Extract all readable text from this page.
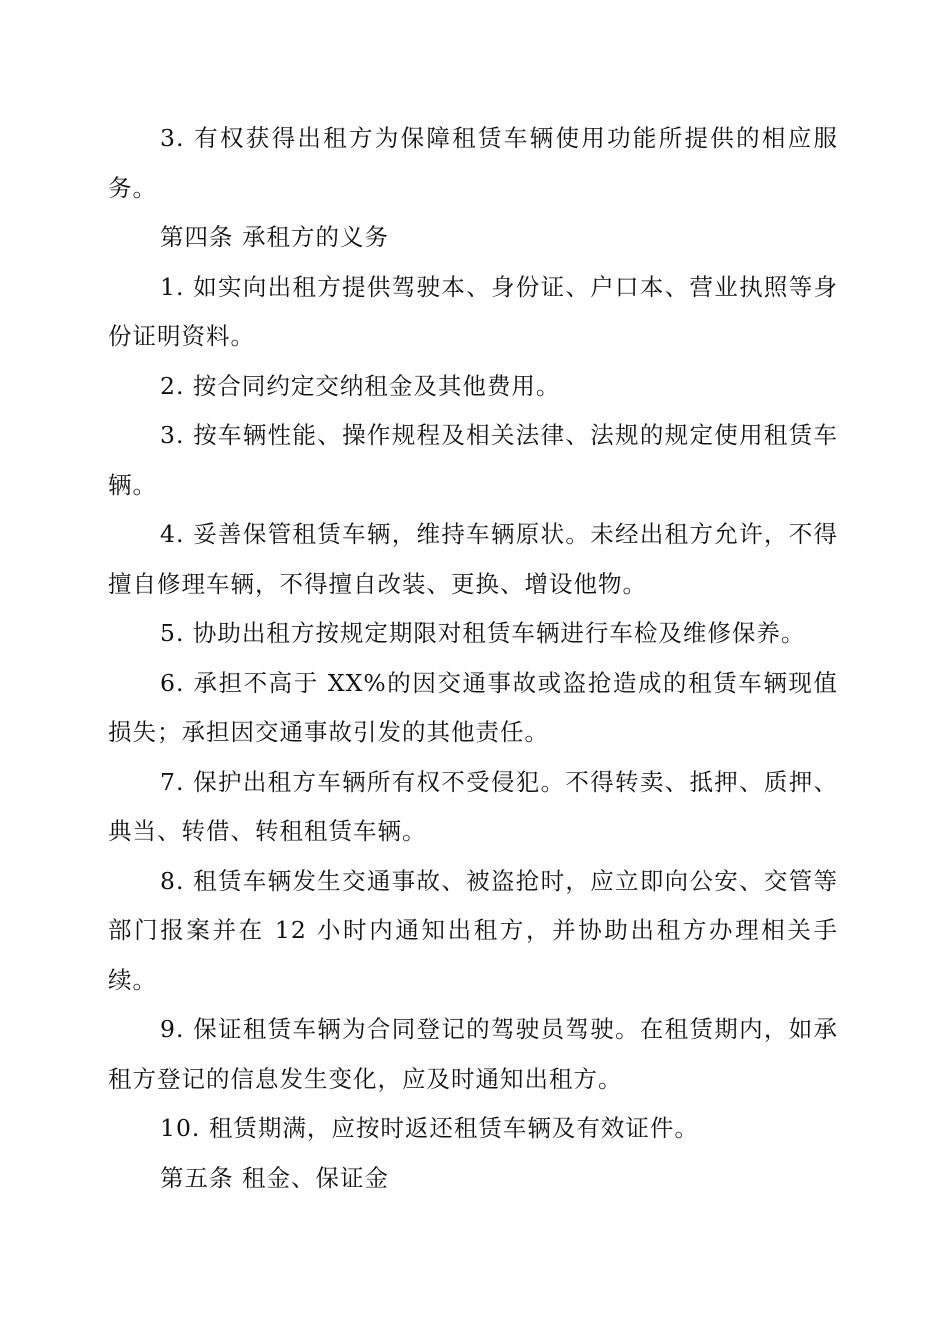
3. 有权获得出租方为保障租赁车辆使用功能所提供的相应服务。

第四条 承租方的义务

1. 如实向出租方提供驾驶本、身份证、户口本、营业执照等身份证明资料。

2. 按合同约定交纳租金及其他费用。

3. 按车辆性能、操作规程及相关法律、法规的规定使用租赁车辆。

4. 妥善保管租赁车辆，维持车辆原状。未经出租方允许，不得擅自修理车辆，不得擅自改装、更换、增设他物。

5. 协助出租方按规定期限对租赁车辆进行车检及维修保养。

6. 承担不高于 XX%的因交通事故或盗抢造成的租赁车辆现值损失；承担因交通事故引发的其他责任。

7. 保护出租方车辆所有权不受侵犯。不得转卖、抵押、质押、典当、转借、转租租赁车辆。

8. 租赁车辆发生交通事故、被盗抢时，应立即向公安、交管等部门报案并在 12 小时内通知出租方，并协助出租方办理相关手续。

9. 保证租赁车辆为合同登记的驾驶员驾驶。在租赁期内，如承租方登记的信息发生变化，应及时通知出租方。

10. 租赁期满，应按时返还租赁车辆及有效证件。

第五条 租金、保证金
